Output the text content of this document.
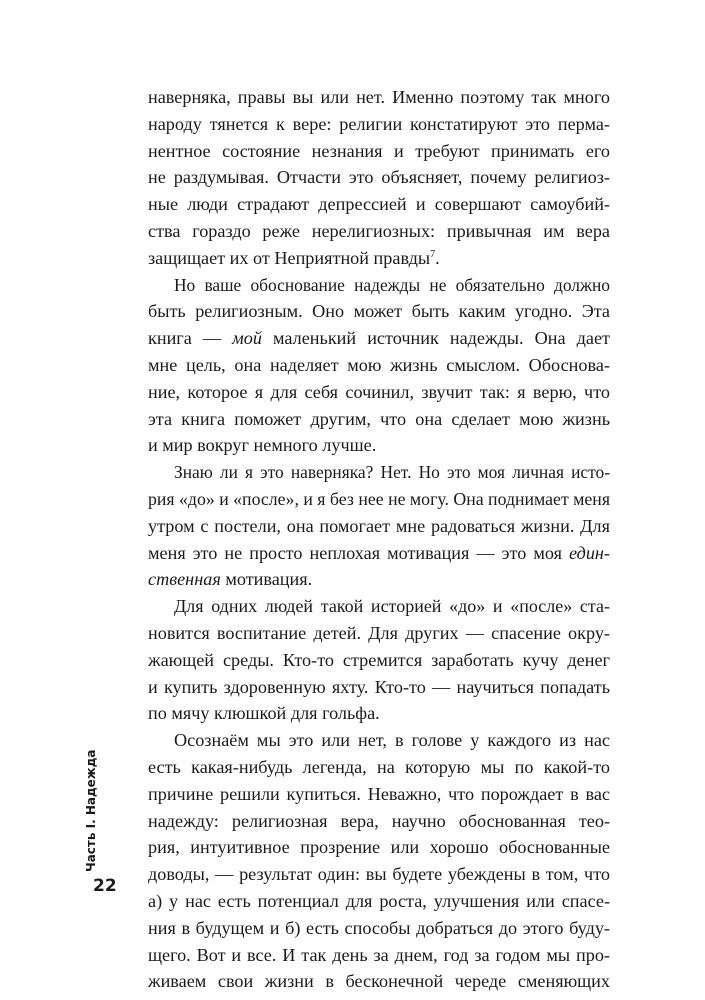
наверняка, правы вы или нет. Именно поэтому так много
народу тянется к вере: религии констатируют это перма-
нентное состояние незнания и требуют принимать его
не раздумывая. Отчасти это объясняет, почему религиоз-
ные люди страдают депрессией и совершают самоубий-
ства гораздо реже нерелигиозных: привычная им вера
защищает их от Неприятной правды$^7$.

Но ваше обоснование надежды не обязательно должно
быть религиозным. Оно может быть каким угодно. Эта
книга — мой маленький источник надежды. Она дает
мне цель, она наделяет мою жизнь смыслом. Обоснова-
ние, которое я для себя сочинил, звучит так: я верю, что
эта книга поможет другим, что она сделает мою жизнь
и мир вокруг немного лучше.

Знаю ли я это наверняка? Нет. Но это моя личная исто-
рия «до» и «после», и я без нее не могу. Она поднимает меня
утром с постели, она помогает мне радоваться жизни. Для
меня это не просто неплохая мотивация — это моя един-
ственная мотивация.

Для одних людей такой историей «до» и «после» ста-
новится воспитание детей. Для других — спасение окру-
жающей среды. Кто-то стремится заработать кучу денег
и купить здоровенную яхту. Кто-то — научиться попадать
по мячу клюшкой для гольфа.

Осознаём мы это или нет, в голове у каждого из нас
есть какая-нибудь легенда, на которую мы по какой-то
причине решили купиться. Неважно, что порождает в вас
надежду: религиозная вера, научно обоснованная тео-
рия, интуитивное прозрение или хорошо обоснованные
доводы, — результат один: вы будете убеждены в том, что
а) у нас есть потенциал для роста, улучшения или спасе-
ния в будущем и б) есть способы добраться до этого буду-
щего. Вот и все. И так день за днем, год за годом мы про-
живаем свои жизни в бесконечной череде сменяющих

Часть I. Надежда
22
